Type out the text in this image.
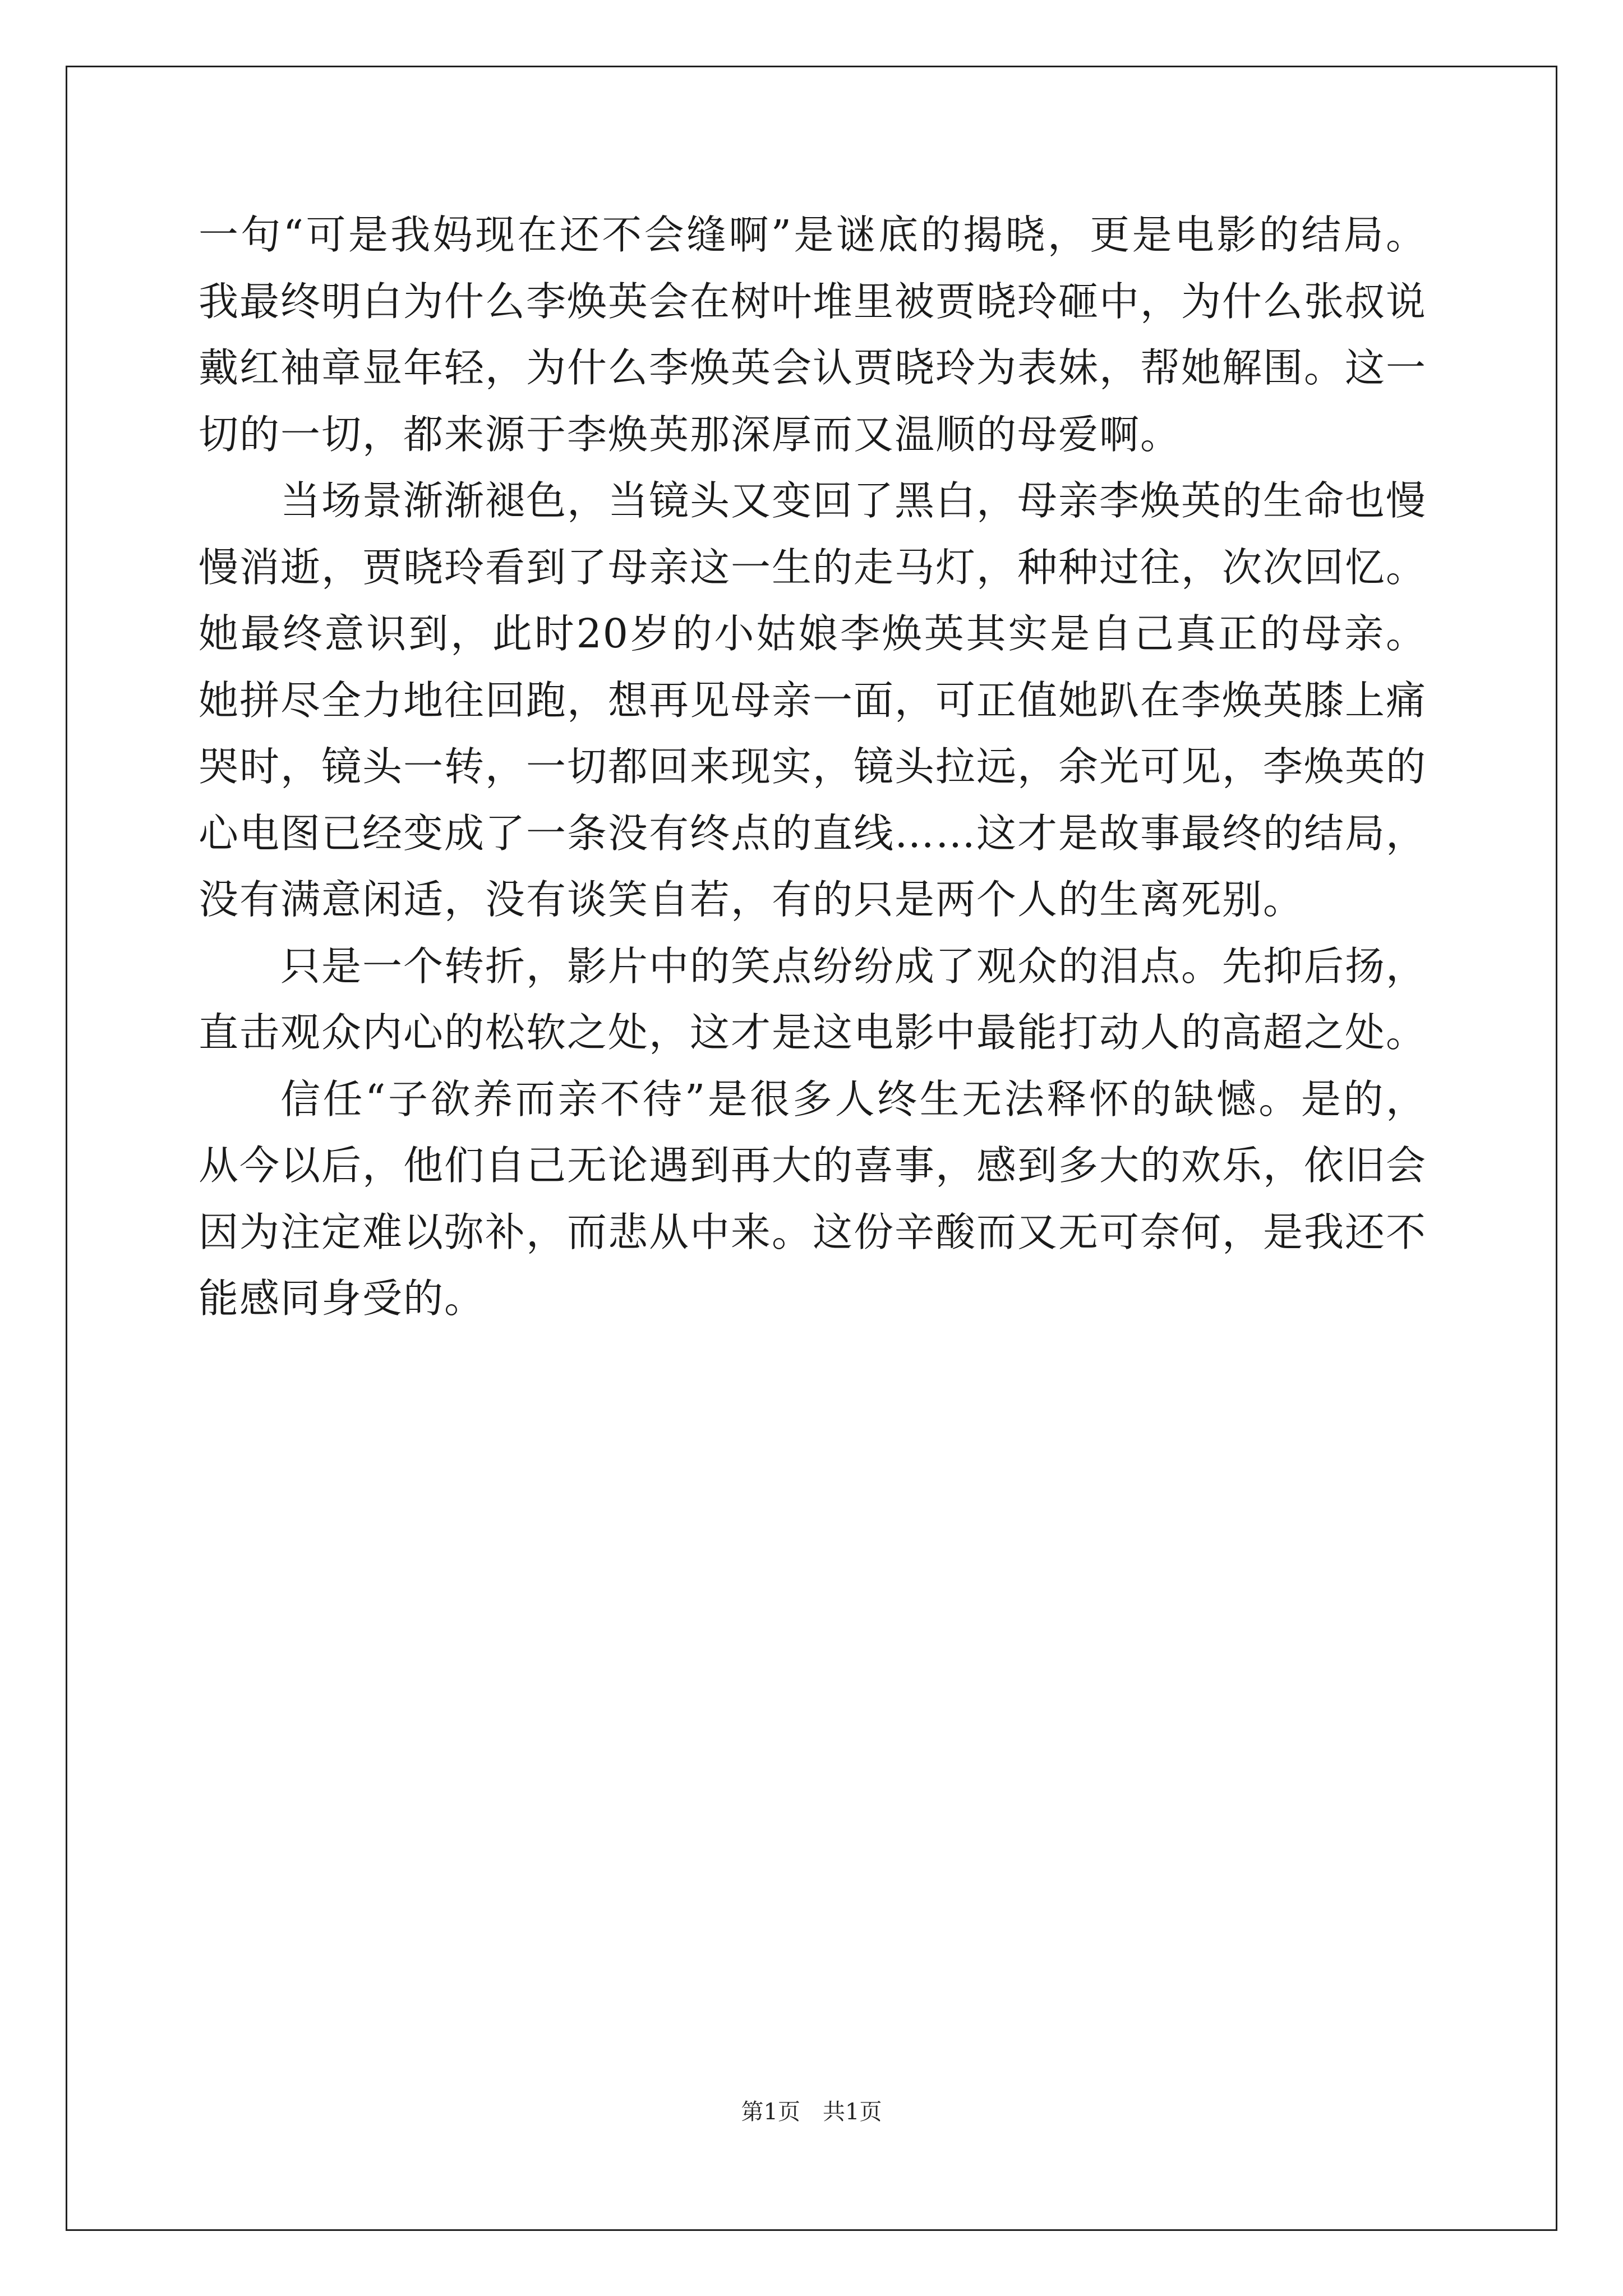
一句“可是我妈现在还不会缝啊”是谜底的揭晓，更是电影的结局。我最终明白为什么李焕英会在树叶堆里被贾晓玲砸中，为什么张叔说戴红袖章显年轻，为什么李焕英会认贾晓玲为表妹，帮她解围。这一切的一切，都来源于李焕英那深厚而又温顺的母爱啊。

当场景渐渐褪色，当镜头又变回了黑白，母亲李焕英的生命也慢慢消逝，贾晓玲看到了母亲这一生的走马灯，种种过往，次次回忆。她最终意识到，此时20岁的小姑娘李焕英其实是自己真正的母亲。她拼尽全力地往回跑，想再见母亲一面，可正值她趴在李焕英膝上痛哭时，镜头一转，一切都回来现实，镜头拉远，余光可见，李焕英的心电图已经变成了一条没有终点的直线……这才是故事最终的结局，没有满意闲适，没有谈笑自若，有的只是两个人的生离死别。

只是一个转折，影片中的笑点纷纷成了观众的泪点。先抑后扬，直击观众内心的松软之处，这才是这电影中最能打动人的高超之处。

信任“子欲养而亲不待”是很多人终生无法释怀的缺憾。是的，从今以后，他们自己无论遇到再大的喜事，感到多大的欢乐，依旧会因为注定难以弥补，而悲从中来。这份辛酸而又无可奈何，是我还不能感同身受的。

第1页 共1页
